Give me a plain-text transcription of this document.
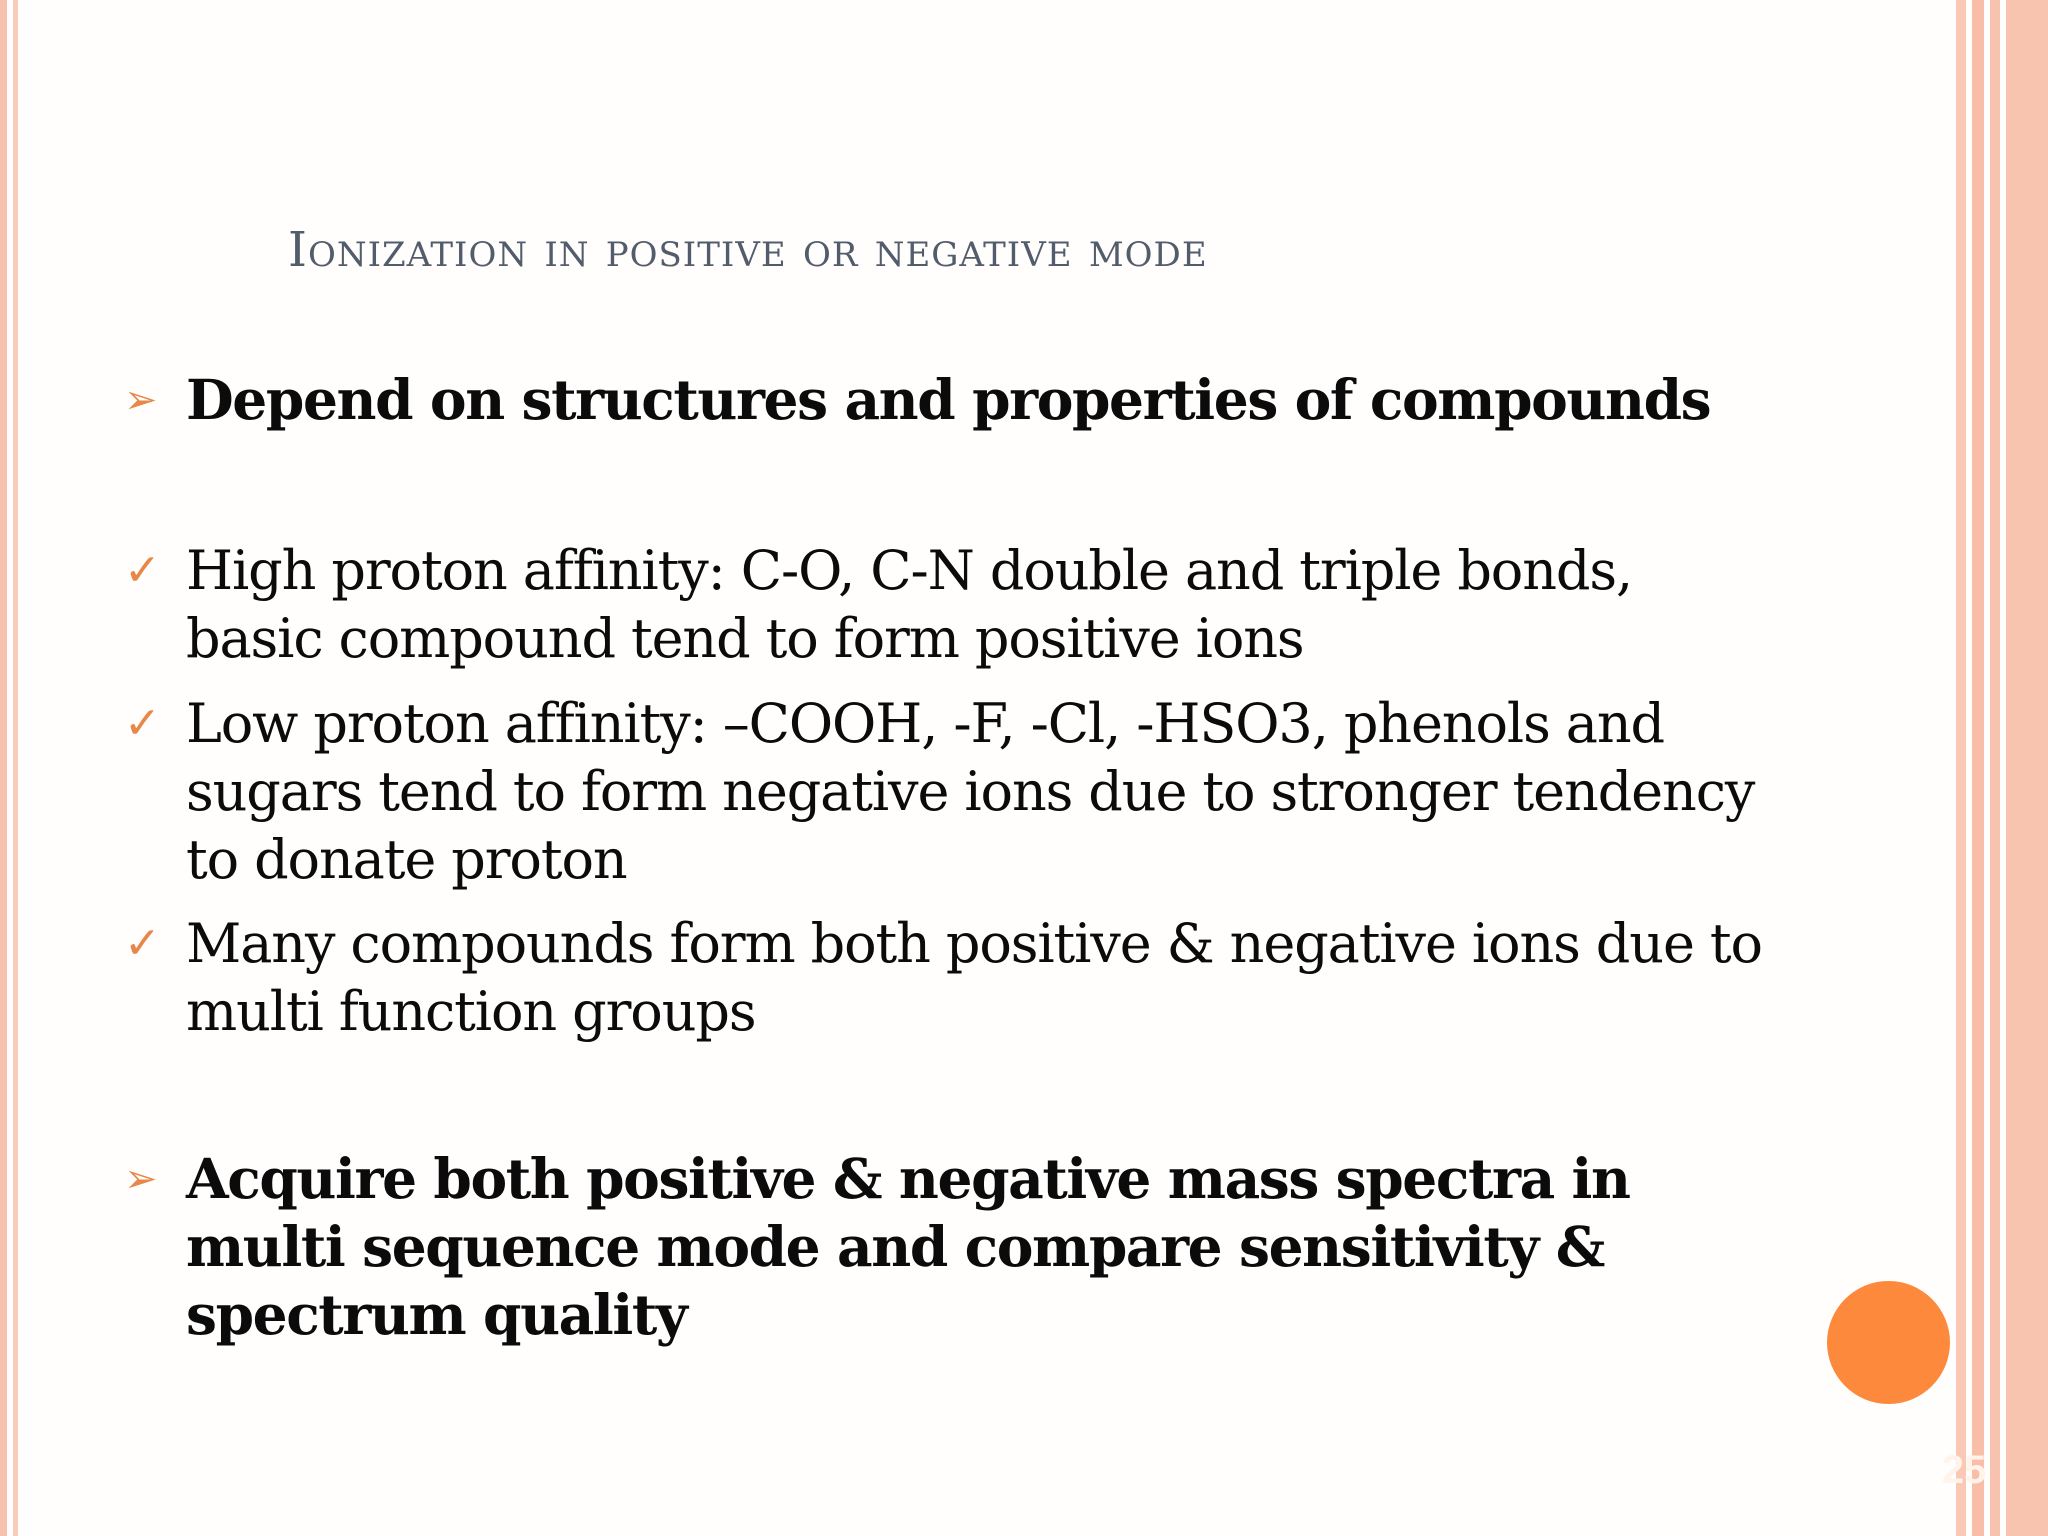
Ionization in positive or negative mode
➢ Depend on structures and properties of compounds
✓ High proton affinity: C-O, C-N double and triple bonds, basic compound tend to form positive ions
✓ Low proton affinity: –COOH, -F, -Cl, -HSO3, phenols and sugars tend to form negative ions due to stronger tendency to donate proton
✓ Many compounds form both positive & negative ions due to multi function groups
➢ Acquire both positive & negative mass spectra in multi sequence mode and compare sensitivity & spectrum quality
25
